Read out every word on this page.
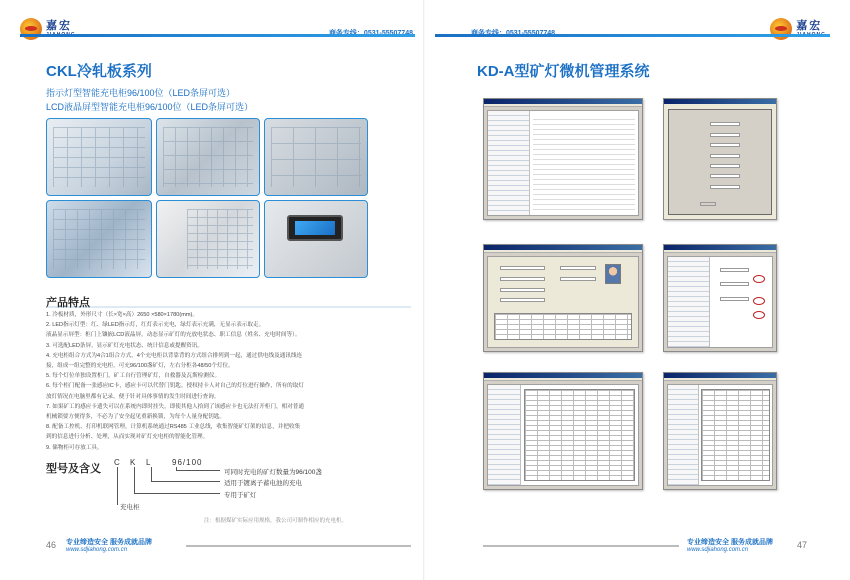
嘉宏
CKL冷轧板系列
指示灯型智能充电柜96/100位（LED条屏可选）
LCD液晶屏型智能充电柜96/100位（LED条屏可选）
产品特点
1. 冷板材质，外形尺寸（长×宽×高）2650 ×580×1780(mm)。
2. LED指示灯型：红、绿LED指示灯，红灯表示充电，绿灯表示充满，无显示表示取走。
液晶显示屏型：柜门上镶嵌LCD液晶屏，动态显示矿灯的充放电状态、职工信息（姓名、充电时间等）。
3. 可选配LED条屏，显示矿灯充电状态、统计信息或提醒资讯。
4. 充电柜组合方式为4合1组合方式，4个充电柜以背靠背的方式组合排列到一起，通过供电线及通讯线连
接，组成一组完整的充电柜。可充96/100盏矿灯，左右分柜各48/50个灯位。
5. 每个灯位单独设置柜门，矿工自行管理矿灯，自救器及瓦斯检测仪。
6. 每个柜门配备一张感应IC卡，感应卡可以代替门钥匙。授权持卡人对自己的灯位进行操作，所有的取灯
放灯情况在电脑里都有记录，便于针对具体事情的发生时间进行查询。
7. 如果矿工的感应卡遗失可以在系统内即时挂失，即使其他人拾到了该感应卡也无法打开柜门，相对普通
机械锁要方便得多，不必为了安全起见重新换锁，为每个人量身配钥匙。
8. 配备工控机、打印机联网管理，计算机系统通过RS485 工业总线，收集智能矿灯架的信息，并把收集
到的信息进行分析、处理，从而实现对矿灯充电柜的智能化管理。
9. 储物柜可存放工具。
型号及含义
C K L	96/100
可同时充电的矿灯数量为96/100盏
适用于镀离子蓄电池的充电
专用于矿灯
充电柜
注：根据煤矿实际应用规格，我公司可制作相应的充电柜。
46 专业缔造安全 服务成就品牌
www.sdjiahong.com.cn
嘉宏
KD-A型矿灯微机管理系统
专业缔造安全 服务成就品牌
www.sdjiahong.com.cn	47
